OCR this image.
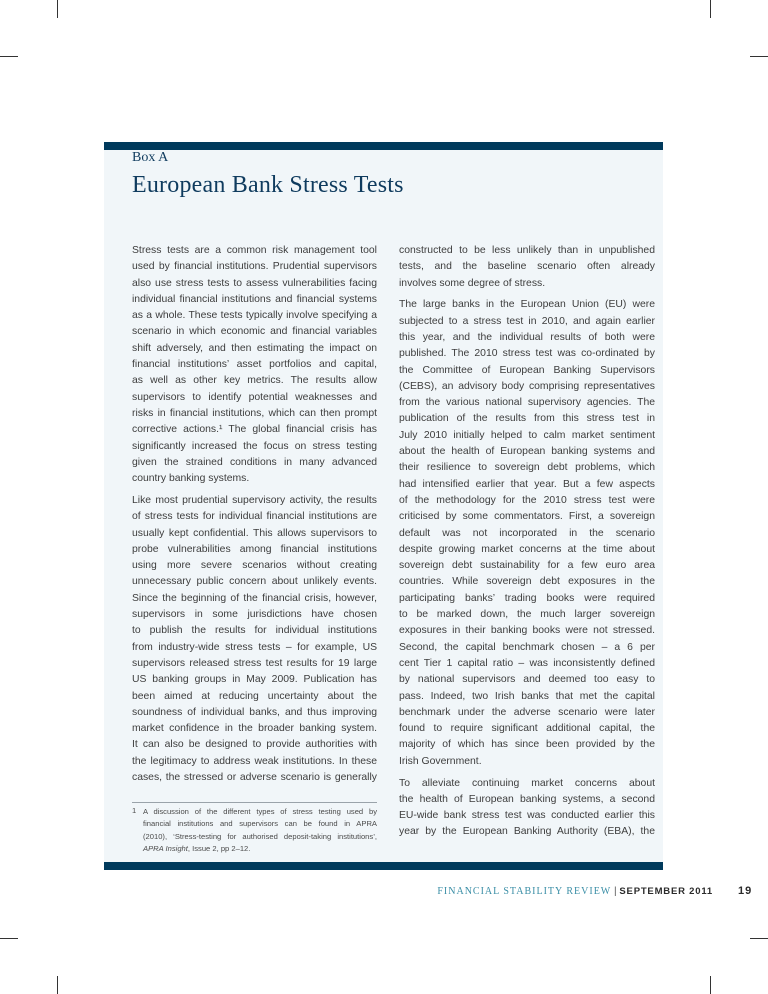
Box A
European Bank Stress Tests
Stress tests are a common risk management tool
used by financial institutions. Prudential supervisors
also use stress tests to assess vulnerabilities facing
individual financial institutions and financial systems
as a whole. These tests typically involve specifying a
scenario in which economic and financial variables
shift adversely, and then estimating the impact on
financial institutions’ asset portfolios and capital,
as well as other key metrics. The results allow
supervisors to identify potential weaknesses and
risks in financial institutions, which can then prompt
corrective actions.¹ The global financial crisis has
significantly increased the focus on stress testing
given the strained conditions in many advanced
country banking systems.
Like most prudential supervisory activity, the results
of stress tests for individual financial institutions are
usually kept confidential. This allows supervisors to
probe vulnerabilities among financial institutions
using more severe scenarios without creating
unnecessary public concern about unlikely events.
Since the beginning of the financial crisis, however,
supervisors in some jurisdictions have chosen
to publish the results for individual institutions
from industry-wide stress tests – for example, US
supervisors released stress test results for 19 large
US banking groups in May 2009. Publication has
been aimed at reducing uncertainty about the
soundness of individual banks, and thus improving
market confidence in the broader banking system.
It can also be designed to provide authorities with
the legitimacy to address weak institutions. In these
cases, the stressed or adverse scenario is generally
constructed to be less unlikely than in unpublished
tests, and the baseline scenario often already
involves some degree of stress.
The large banks in the European Union (EU) were
subjected to a stress test in 2010, and again earlier
this year, and the individual results of both were
published. The 2010 stress test was co-ordinated by
the Committee of European Banking Supervisors
(CEBS), an advisory body comprising representatives
from the various national supervisory agencies. The
publication of the results from this stress test in
July 2010 initially helped to calm market sentiment
about the health of European banking systems and
their resilience to sovereign debt problems, which
had intensified earlier that year. But a few aspects
of the methodology for the 2010 stress test were
criticised by some commentators. First, a sovereign
default was not incorporated in the scenario
despite growing market concerns at the time about
sovereign debt sustainability for a few euro area
countries. While sovereign debt exposures in the
participating banks’ trading books were required
to be marked down, the much larger sovereign
exposures in their banking books were not stressed.
Second, the capital benchmark chosen – a 6 per
cent Tier 1 capital ratio – was inconsistently defined
by national supervisors and deemed too easy to
pass. Indeed, two Irish banks that met the capital
benchmark under the adverse scenario were later
found to require significant additional capital, the
majority of which has since been provided by the
Irish Government.
To alleviate continuing market concerns about
the health of European banking systems, a second
EU-wide bank stress test was conducted earlier this
year by the European Banking Authority (EBA), the
1 A discussion of the different types of stress testing used by
financial institutions and supervisors can be found in APRA
(2010), ‘Stress-testing for authorised deposit-taking institutions’,
APRA Insight, Issue 2, pp 2–12.
FINANCIAL STABILITY REVIEW | SEPTEMBER 2011 19
